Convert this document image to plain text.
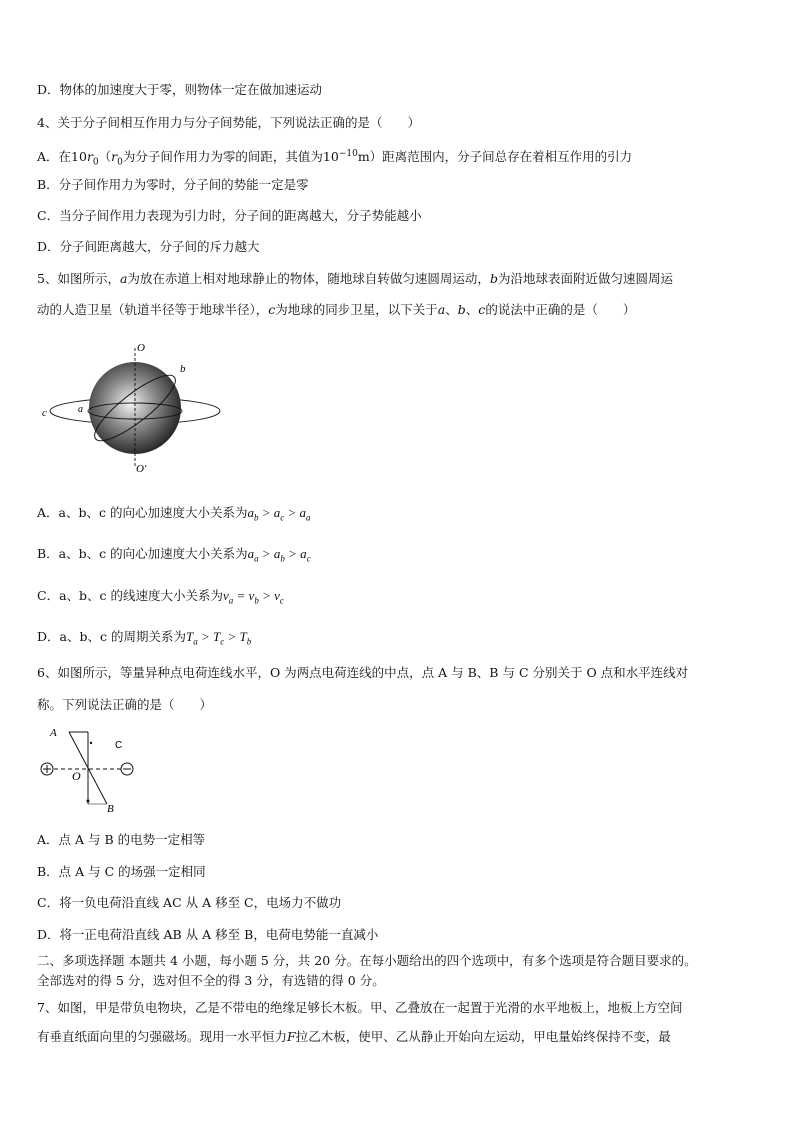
D．物体的加速度大于零，则物体一定在做加速运动
4、关于分子间相互作用力与分子间势能，下列说法正确的是（　　）
A．在$10r_0(r_0$为分子间作用力为零的间距，其值为$10^{-10}m$）距离范围内，分子间总存在着相互作用的引力
B．分子间作用力为零时，分子间的势能一定是零
C．当分子间作用力表现为引力时，分子间的距离越大，分子势能越小
D．分子间距离越大，分子间的斥力越大
5、如图所示，a为放在赤道上相对地球静止的物体，随地球自转做匀速圆周运动，b为沿地球表面附近做匀速圆周运
动的人造卫星（轨道半径等于地球半径），c为地球的同步卫星，以下关于a、b、c的说法中正确的是（　　）
O
O′
b
c	a
A．a、b、c 的向心加速度大小关系为$a_b > a_c > a_a$
B．a、b、c 的向心加速度大小关系为$a_a > a_b > a_c$
C．a、b、c 的线速度大小关系为$v_a = v_b > v_c$
D．a、b、c 的周期关系为$T_a > T_c > T_b$
6、如图所示，等量异种点电荷连线水平，O 为两点电荷连线的中点，点 A 与 B、B 与 C 分别关于 O 点和水平连线对
称。下列说法正确的是（　　）
A
C
O
B
A．点 A 与 B 的电势一定相等
B．点 A 与 C 的场强一定相同
C．将一负电荷沿直线 AC 从 A 移至 C，电场力不做功
D．将一正电荷沿直线 AB 从 A 移至 B，电荷电势能一直减小
二、多项选择题 本题共 4 小题，每小题 5 分，共 20 分。在每小题给出的四个选项中，有多个选项是符合题目要求的。
全部选对的得 5 分，选对但不全的得 3 分，有选错的得 0 分。
7、如图，甲是带负电物块，乙是不带电的绝缘足够长木板。甲、乙叠放在一起置于光滑的水平地板上，地板上方空间
有垂直纸面向里的匀强磁场。现用一水平恒力F拉乙木板，使甲、乙从静止开始向左运动，甲电量始终保持不变，最
